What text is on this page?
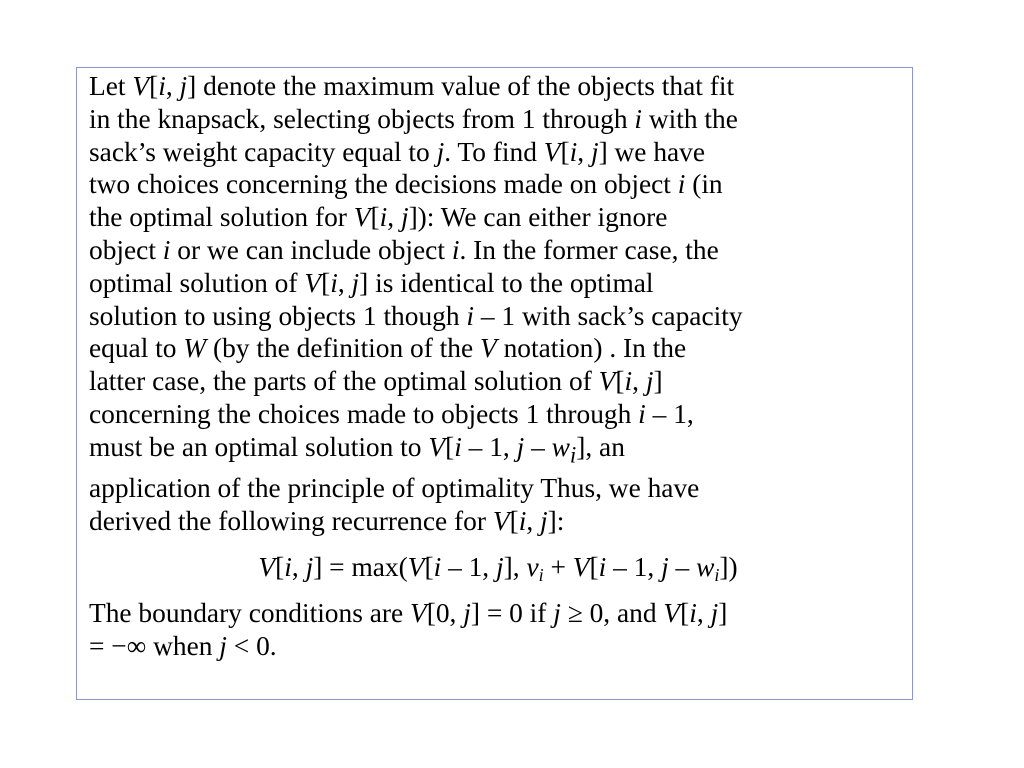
Let V[i, j] denote the maximum value of the objects that fit
in the knapsack, selecting objects from 1 through i with the
sack’s weight capacity equal to j. To find V[i, j] we have
two choices concerning the decisions made on object i (in
the optimal solution for V[i, j]): We can either ignore
object i or we can include object i. In the former case, the
optimal solution of V[i, j] is identical to the optimal
solution to using objects 1 though i – 1 with sack’s capacity
equal to W (by the definition of the V notation) . In the
latter case, the parts of the optimal solution of V[i, j]
concerning the choices made to objects 1 through i – 1,
must be an optimal solution to V[i – 1, j – $w_i$], an
application of the principle of optimality Thus, we have
derived the following recurrence for V[i, j]:

V[i, j] = max(V[i – 1, j], $v_i + V[i - 1$, j – $w_i$])

The boundary conditions are V[0, j] = 0 if j ≥ 0, and V[i, j]
= −∞ when j < 0.
